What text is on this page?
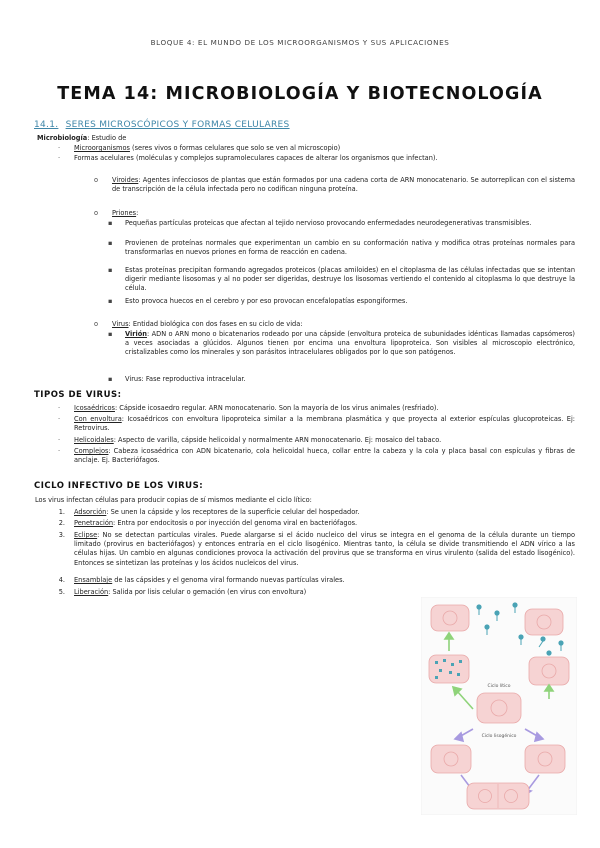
BLOQUE 4: EL MUNDO DE LOS MICROORGANISMOS Y SUS APLICACIONES
TEMA 14: MICROBIOLOGÍA Y BIOTECNOLOGÍA
14.1. SERES MICROSCÓPICOS Y FORMAS CELULARES
Microbiología: Estudio de
· Microorganismos (seres vivos o formas celulares que solo se ven al microscopio)
· Formas acelulares (moléculas y complejos supramoleculares capaces de alterar los organismos que infectan).
o Viroides: Agentes infecciosos de plantas que están formados por una cadena corta de ARN monocatenario. Se autorreplican con el sistema de transcripción de la célula infectada pero no codifican ninguna proteína.
o Priones:
▪ Pequeñas partículas proteicas que afectan al tejido nervioso provocando enfermedades neurodegenerativas transmisibles.
▪ Provienen de proteínas normales que experimentan un cambio en su conformación nativa y modifica otras proteínas normales para transformarlas en nuevos priones en forma de reacción en cadena.
▪ Estas proteínas precipitan formando agregados proteicos (placas amiloides) en el citoplasma de las células infectadas que se intentan digerir mediante lisosomas y al no poder ser digeridas, destruye los lisosomas vertiendo el contenido al citoplasma lo que destruye la célula.
▪ Esto provoca huecos en el cerebro y por eso provocan encefalopatías espongiformes.
o Virus: Entidad biológica con dos fases en su ciclo de vida:
▪ Virión: ADN o ARN mono o bicatenarios rodeado por una cápside (envoltura proteica de subunidades idénticas llamadas capsómeros) a veces asociadas a glúcidos. Algunos tienen por encima una envoltura lipoproteica. Son visibles al microscopio electrónico, cristalizables como los minerales y son parásitos intracelulares obligados por lo que son patógenos.
▪ Virus: Fase reproductiva intracelular.
TIPOS DE VIRUS:
· Icosaédricos: Cápside icosaedro regular. ARN monocatenario. Son la mayoría de los virus animales (resfriado).
· Con envoltura: Icosaédricos con envoltura lipoproteica similar a la membrana plasmática y que proyecta al exterior espículas glucoproteicas. Ej: Retrovirus.
· Helicoidales: Aspecto de varilla, cápside helicoidal y normalmente ARN monocatenario. Ej: mosaico del tabaco.
· Complejos: Cabeza icosaédrica con ADN bicatenario, cola helicoidal hueca, collar entre la cabeza y la cola y placa basal con espículas y fibras de anclaje. Ej. Bacteriófagos.
CICLO INFECTIVO DE LOS VIRUS:
Los virus infectan células para producir copias de sí mismos mediante el ciclo lítico:
1. Adsorción: Se unen la cápside y los receptores de la superficie celular del hospedador.
2. Penetración: Entra por endocitosis o por inyección del genoma viral en bacteriófagos.
3. Eclipse: No se detectan partículas virales. Puede alargarse si el ácido nucleico del virus se integra en el genoma de la célula durante un tiempo limitado (provirus en bacteriófagos) y entonces entraría en el ciclo lisogénico. Mientras tanto, la célula se divide transmitiendo el ADN vírico a las células hijas. Un cambio en algunas condiciones provoca la activación del provirus que se transforma en virus virulento (salida del estado lisogénico). Entonces se sintetizan las proteínas y los ácidos nucleicos del virus.
4. Ensamblaje de las cápsides y el genoma viral formando nuevas partículas virales.
5. Liberación: Salida por lisis celular o gemación (en virus con envoltura)
Ciclo lítico
Ciclo lisogénico
